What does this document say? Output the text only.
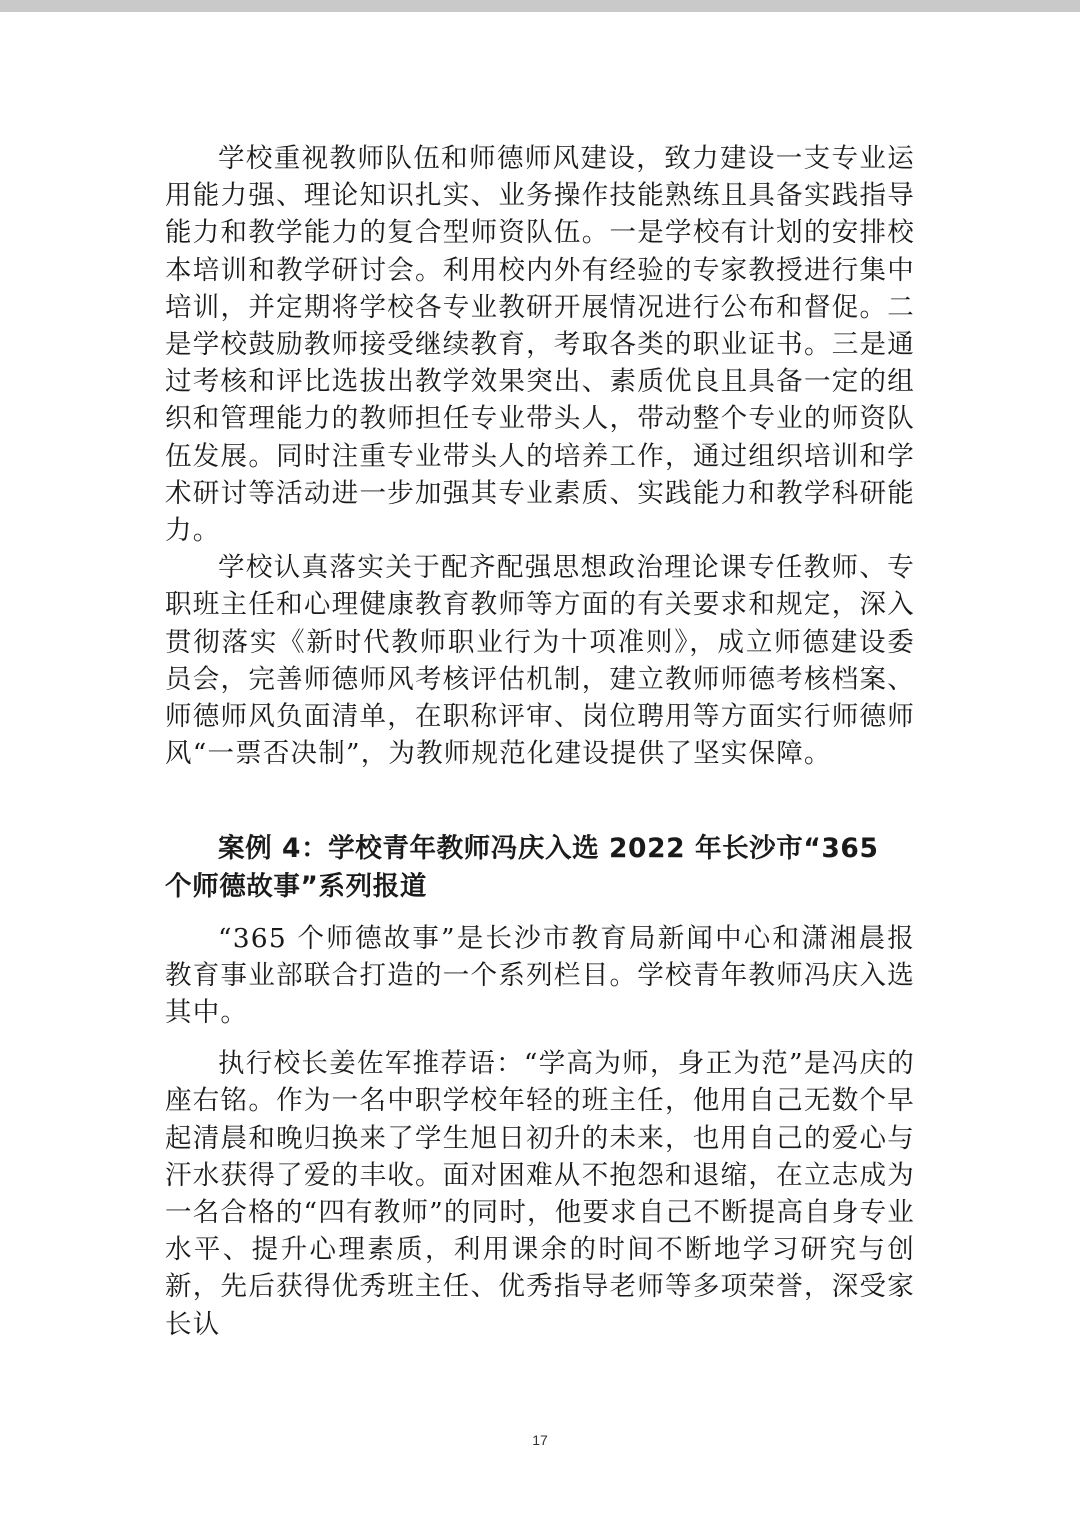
学校重视教师队伍和师德师风建设，致力建设一支专业运用能力强、理论知识扎实、业务操作技能熟练且具备实践指导能力和教学能力的复合型师资队伍。一是学校有计划的安排校本培训和教学研讨会。利用校内外有经验的专家教授进行集中培训，并定期将学校各专业教研开展情况进行公布和督促。二是学校鼓励教师接受继续教育，考取各类的职业证书。三是通过考核和评比选拔出教学效果突出、素质优良且具备一定的组织和管理能力的教师担任专业带头人，带动整个专业的师资队伍发展。同时注重专业带头人的培养工作，通过组织培训和学术研讨等活动进一步加强其专业素质、实践能力和教学科研能力。

学校认真落实关于配齐配强思想政治理论课专任教师、专职班主任和心理健康教育教师等方面的有关要求和规定，深入贯彻落实《新时代教师职业行为十项准则》，成立师德建设委员会，完善师德师风考核评估机制，建立教师师德考核档案、师德师风负面清单，在职称评审、岗位聘用等方面实行师德师风“一票否决制”，为教师规范化建设提供了坚实保障。

案例 4：学校青年教师冯庆入选 2022 年长沙市“365 个师德故事”系列报道

“365 个师德故事”是长沙市教育局新闻中心和潇湘晨报教育事业部联合打造的一个系列栏目。学校青年教师冯庆入选其中。

执行校长姜佐军推荐语：“学高为师，身正为范”是冯庆的座右铭。作为一名中职学校年轻的班主任，他用自己无数个早起清晨和晚归换来了学生旭日初升的未来，也用自己的爱心与汗水获得了爱的丰收。面对困难从不抱怨和退缩，在立志成为一名合格的“四有教师”的同时，他要求自己不断提高自身专业水平、提升心理素质，利用课余的时间不断地学习研究与创新，先后获得优秀班主任、优秀指导老师等多项荣誉，深受家长认

17
